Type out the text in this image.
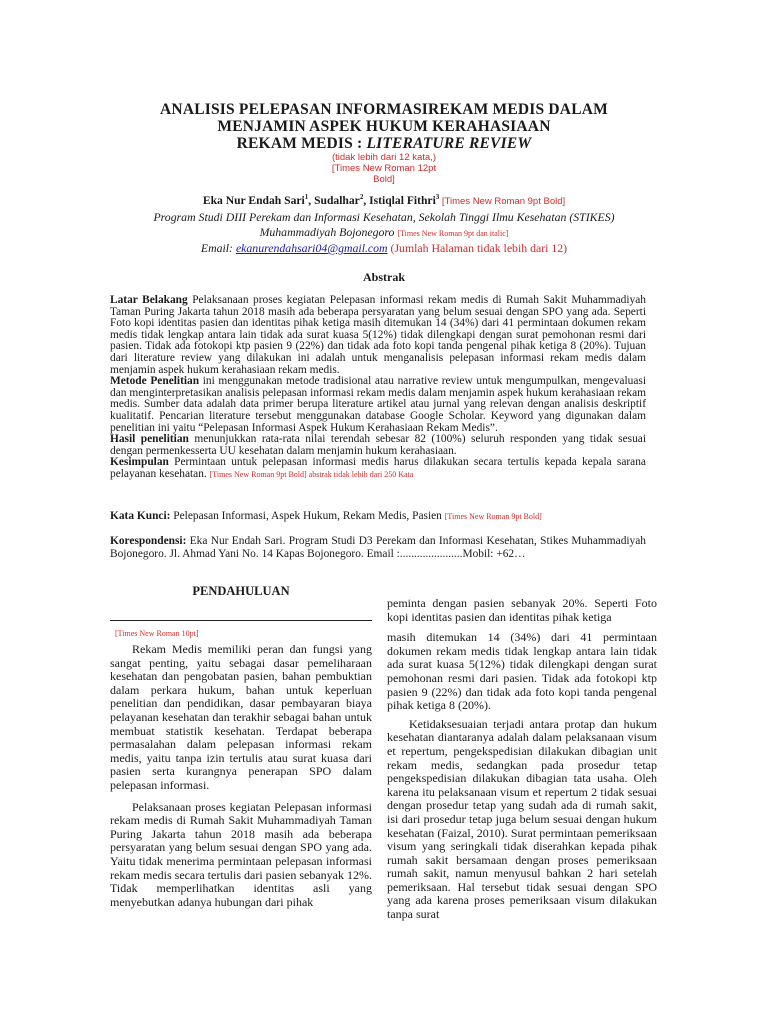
ANALISIS PELEPASAN INFORMASIREKAM MEDIS DALAM
MENJAMIN ASPEK HUKUM KERAHASIAAN
REKAM MEDIS : LITERATURE REVIEW
(tidak lebih dari 12 kata,)
[Times New Roman 12pt
Bold]
Eka Nur Endah Sari$^1$, Sudalhar$^2$, Istiqlal Fithri$^3$ [Times New Roman 9pt Bold]
Program Studi DIII Perekam dan Informasi Kesehatan, Sekolah Tinggi Ilmu Kesehatan (STIKES)
Muhammadiyah Bojonegoro [Times New Roman 9pt dan italic]
Email: ekanurendahsari04@gmail.com (Jumlah Halaman tidak lebih dari 12)
Abstrak
Latar Belakang Pelaksanaan proses kegiatan Pelepasan informasi rekam medis di Rumah Sakit Muhammadiyah Taman Puring Jakarta tahun 2018 masih ada beberapa persyaratan yang belum sesuai dengan SPO yang ada. Seperti Foto kopi identitas pasien dan identitas pihak ketiga masih ditemukan 14 (34%) dari 41 permintaan dokumen rekam medis tidak lengkap antara lain tidak ada surat kuasa 5(12%) tidak dilengkapi dengan surat pemohonan resmi dari pasien. Tidak ada fotokopi ktp pasien 9 (22%) dan tidak ada foto kopi tanda pengenal pihak ketiga 8 (20%). Tujuan dari literature review yang dilakukan ini adalah untuk menganalisis pelepasan informasi rekam medis dalam menjamin aspek hukum kerahasiaan rekam medis.
Metode Penelitian ini menggunakan metode tradisional atau narrative review untuk mengumpulkan, mengevaluasi dan menginterpretasikan analisis pelepasan informasi rekam medis dalam menjamin aspek hukum kerahasiaan rekam medis. Sumber data adalah data primer berupa literature artikel atau jurnal yang relevan dengan analisis deskriptif kualitatif. Pencarian literature tersebut menggunakan database Google Scholar. Keyword yang digunakan dalam penelitian ini yaitu “Pelepasan Informasi Aspek Hukum Kerahasiaan Rekam Medis”.
Hasil penelitian menunjukkan rata-rata nilai terendah sebesar 82 (100%) seluruh responden yang tidak sesuai dengan permenkesserta UU kesehatan dalam menjamin hukum kerahasiaan.
Kesimpulan Permintaan untuk pelepasan informasi medis harus dilakukan secara tertulis kepada kepala sarana pelayanan kesehatan. [Times New Roman 9pt Bold] abstrak tidak lebih dari 250 Kata
Kata Kunci: Pelepasan Informasi, Aspek Hukum, Rekam Medis, Pasien [Times New Roman 9pt Bold]
Korespondensi: Eka Nur Endah Sari. Program Studi D3 Perekam dan Informasi Kesehatan, Stikes Muhammadiyah Bojonegoro. Jl. Ahmad Yani No. 14 Kapas Bojonegoro. Email :......................Mobil: +62…
PENDAHULUAN
[Times New Roman 10pt]

Rekam Medis memiliki peran dan fungsi yang sangat penting, yaitu sebagai dasar pemeliharaan kesehatan dan pengobatan pasien, bahan pembuktian dalam perkara hukum, bahan untuk keperluan penelitian dan pendidikan, dasar pembayaran biaya pelayanan kesehatan dan terakhir sebagai bahan untuk membuat statistik kesehatan. Terdapat beberapa permasalahan dalam pelepasan informasi rekam medis, yaitu tanpa izin tertulis atau surat kuasa dari pasien serta kurangnya penerapan SPO dalam pelepasan informasi.

Pelaksanaan proses kegiatan Pelepasan informasi rekam medis di Rumah Sakit Muhammadiyah Taman Puring Jakarta tahun 2018 masih ada beberapa persyaratan yang belum sesuai dengan SPO yang ada. Yaitu tidak menerima permintaan pelepasan informasi rekam medis secara tertulis dari pasien sebanyak 12%. Tidak memperlihatkan identitas asli yang menyebutkan adanya hubungan dari pihak

peminta dengan pasien sebanyak 20%. Seperti Foto kopi identitas pasien dan identitas pihak ketiga

masih ditemukan 14 (34%) dari 41 permintaan dokumen rekam medis tidak lengkap antara lain tidak ada surat kuasa 5(12%) tidak dilengkapi dengan surat pemohonan resmi dari pasien. Tidak ada fotokopi ktp pasien 9 (22%) dan tidak ada foto kopi tanda pengenal pihak ketiga 8 (20%).

Ketidaksesuaian terjadi antara protap dan hukum kesehatan diantaranya adalah dalam pelaksanaan visum et repertum, pengekspedisian dilakukan dibagian unit rekam medis, sedangkan pada prosedur tetap pengekspedisian dilakukan dibagian tata usaha. Oleh karena itu pelaksanaan visum et repertum 2 tidak sesuai dengan prosedur tetap yang sudah ada di rumah sakit, isi dari prosedur tetap juga belum sesuai dengan hukum kesehatan (Faizal, 2010). Surat permintaan pemeriksaan visum yang seringkali tidak diserahkan kepada pihak rumah sakit bersamaan dengan proses pemeriksaan rumah sakit, namun menyusul bahkan 2 hari setelah pemeriksaan. Hal tersebut tidak sesuai dengan SPO yang ada karena proses pemeriksaan visum dilakukan tanpa surat
